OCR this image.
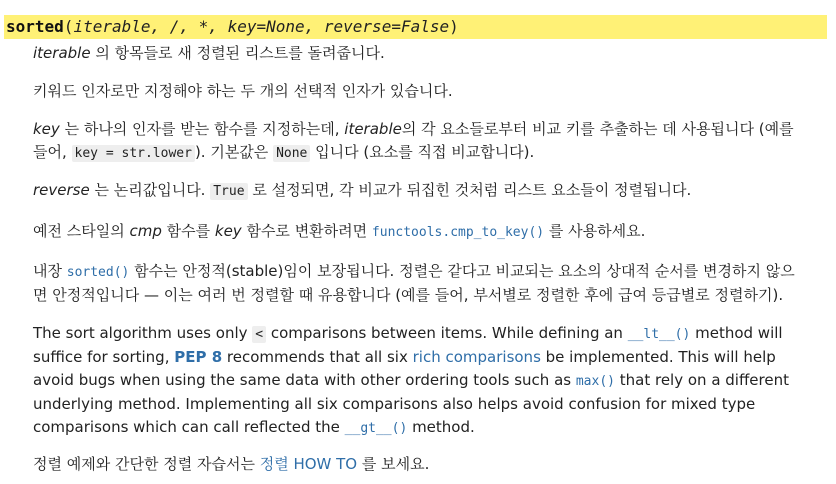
sorted(iterable, /, *, key=None, reverse=False)

iterable 의 항목들로 새 정렬된 리스트를 돌려줍니다.

키워드 인자로만 지정해야 하는 두 개의 선택적 인자가 있습니다.

key 는 하나의 인자를 받는 함수를 지정하는데, iterable의 각 요소들로부터 비교 키를 추출하는 데 사용됩니다 (예를 들어, key = str.lower ). 기본값은 None 입니다 (요소를 직접 비교합니다).

reverse 는 논리값입니다. True 로 설정되면, 각 비교가 뒤집힌 것처럼 리스트 요소들이 정렬됩니다.

예전 스타일의 cmp 함수를 key 함수로 변환하려면 functools.cmp_to_key() 를 사용하세요.

내장 sorted() 함수는 안정적(stable)임이 보장됩니다. 정렬은 같다고 비교되는 요소의 상대적 순서를 변경하지 않으면 안정적입니다 — 이는 여러 번 정렬할 때 유용합니다 (예를 들어, 부서별로 정렬한 후에 급여 등급별로 정렬하기).

The sort algorithm uses only < comparisons between items. While defining an __lt__() method will suffice for sorting, PEP 8 recommends that all six rich comparisons be implemented. This will help avoid bugs when using the same data with other ordering tools such as max() that rely on a different underlying method. Implementing all six comparisons also helps avoid confusion for mixed type comparisons which can call reflected the __gt__() method.

정렬 예제와 간단한 정렬 자습서는 정렬 HOW TO 를 보세요.
